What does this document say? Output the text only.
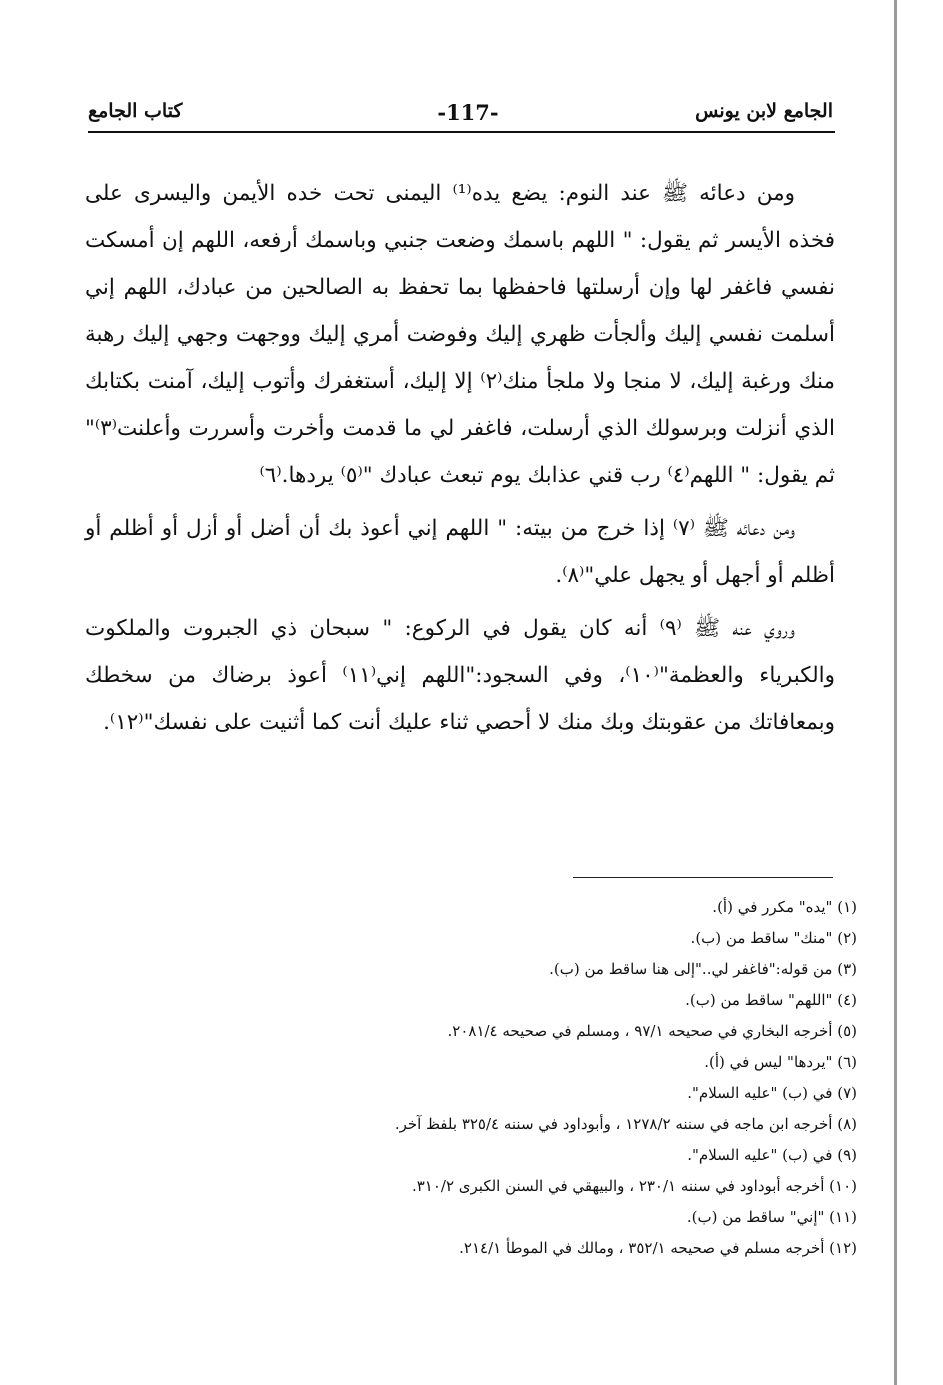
الجامع لابن يونس
-117-
كتاب الجامع

ومن دعائه ﷺ عند النوم: يضع يده⁽¹⁾ اليمنى تحت خده الأيمن واليسرى على فخذه الأيسر ثم يقول: " اللهم باسمك وضعت جنبي وباسمك أرفعه، اللهم إن أمسكت نفسي فاغفر لها وإن أرسلتها فاحفظها بما تحفظ به الصالحين من عبادك، اللهم إني أسلمت نفسي إليك وألجأت ظهري إليك وفوضت أمري إليك ووجهت وجهي إليك رهبة منك ورغبة إليك، لا منجا ولا ملجأ منك⁽٢⁾ إلا إليك، أستغفرك وأتوب إليك، آمنت بكتابك الذي أنزلت وبرسولك الذي أرسلت، فاغفر لي ما قدمت وأخرت وأسررت وأعلنت⁽٣⁾" ثم يقول: " اللهم⁽٤⁾ رب قني عذابك يوم تبعث عبادك "⁽٥⁾ يردها.⁽٦⁾

ومن دعائه ﷺ ⁽٧⁾ إذا خرج من بيته: " اللهم إني أعوذ بك أن أضل أو أزل أو أظلم أو أظلم أو أجهل أو يجهل علي"⁽٨⁾.

وروي عنه ﷺ ⁽٩⁾ أنه كان يقول في الركوع: " سبحان ذي الجبروت والملكوت والكبرياء والعظمة"⁽١٠⁾، وفي السجود:"اللهم إني⁽١١⁾ أعوذ برضاك من سخطك وبمعافاتك من عقوبتك وبك منك لا أحصي ثناء عليك أنت كما أثنيت على نفسك"⁽١٢⁾.

(١) "يده" مكرر في (أ).
(٢) "منك" ساقط من (ب).
(٣) من قوله:"فاغفر لي.."إلى هنا ساقط من (ب).
(٤) "اللهم" ساقط من (ب).
(٥) أخرجه البخاري في صحيحه ٩٧/١ ، ومسلم في صحيحه ٢٠٨١/٤.
(٦) "يردها" ليس في (أ).
(٧) في (ب) "عليه السلام".
(٨) أخرجه ابن ماجه في سننه ١٢٧٨/٢ ، وأبوداود في سننه ٣٢٥/٤ بلفظ آخر.
(٩) في (ب) "عليه السلام".
(١٠) أخرجه أبوداود في سننه ٢٣٠/١ ، والبيهقي في السنن الكبرى ٣١٠/٢.
(١١) "إني" ساقط من (ب).
(١٢) أخرجه مسلم في صحيحه ٣٥٢/١ ، ومالك في الموطأ ٢١٤/١.
